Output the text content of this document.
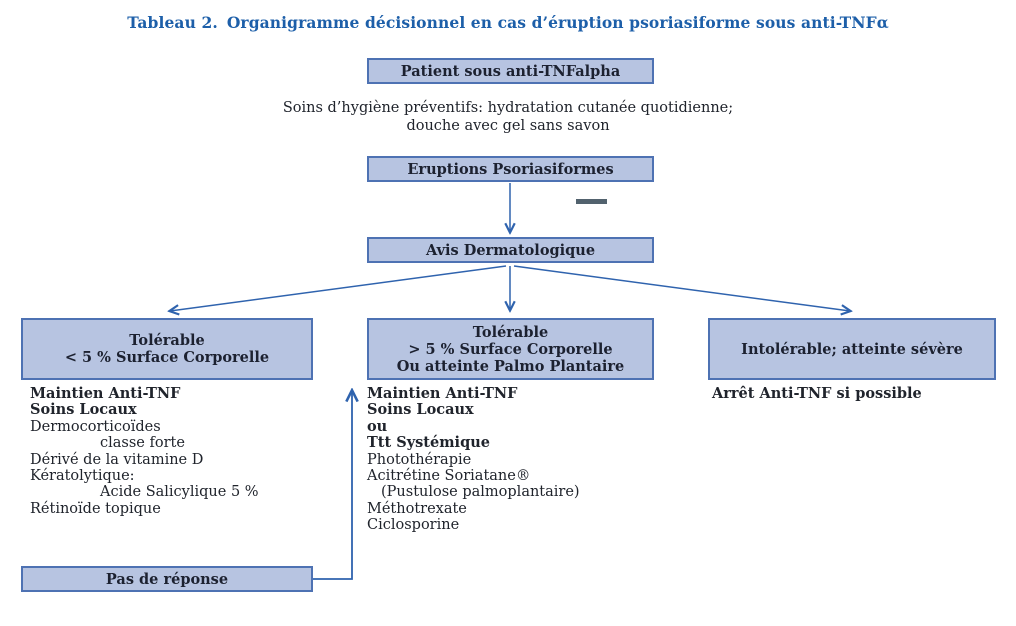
Tableau 2. Organigramme décisionnel en cas d’éruption psoriasiforme sous anti-TNFα
Patient sous anti-TNFalpha
Soins d’hygiène préventifs: hydratation cutanée quotidienne;
douche avec gel sans savon
Eruptions Psoriasiformes
Avis Dermatologique
Tolérable
< 5 % Surface Corporelle
Tolérable
> 5 % Surface Corporelle
Ou atteinte Palmo Plantaire
Intolérable; atteinte sévère
Maintien Anti-TNF
Soins Locaux
Dermocorticoïdes
classe forte
Dérivé de la vitamine D
Kératolytique:
Acide Salicylique 5 %
Rétinoïde topique
Maintien Anti-TNF
Soins Locaux
ou
Ttt Systémique
Photothérapie
Acitrétine Soriatane®
(Pustulose palmoplantaire)
Méthotrexate
Ciclosporine
Arrêt Anti-TNF si possible
Pas de réponse
